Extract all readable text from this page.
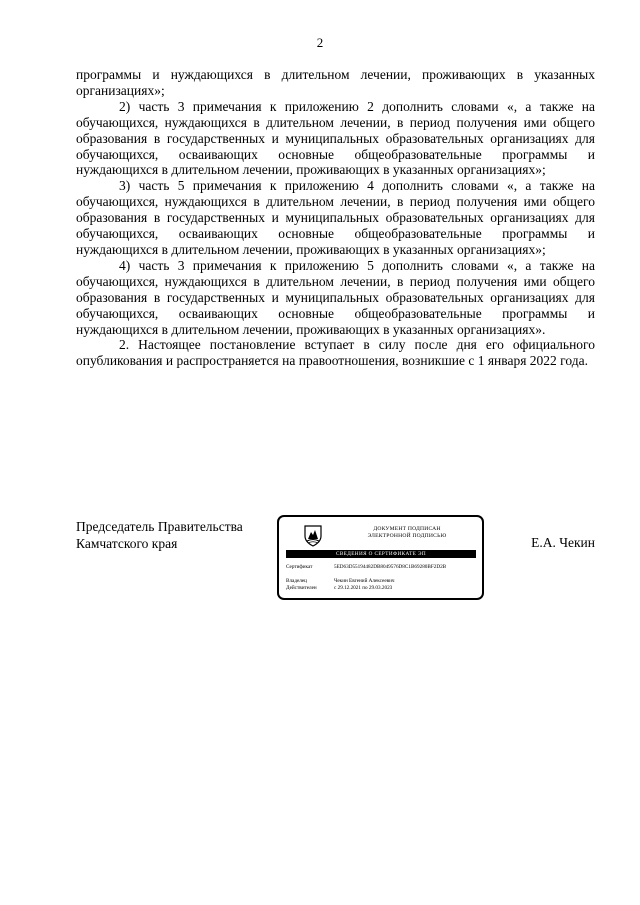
2

программы и нуждающихся в длительном лечении, проживающих в указанных организациях»;

2) часть 3 примечания к приложению 2 дополнить словами «, а также на обучающихся, нуждающихся в длительном лечении, в период получения ими общего образования в государственных и муниципальных образовательных организациях для обучающихся, осваивающих основные общеобразовательные программы и нуждающихся в длительном лечении, проживающих в указанных организациях»;

3) часть 5 примечания к приложению 4 дополнить словами «, а также на обучающихся, нуждающихся в длительном лечении, в период получения ими общего образования в государственных и муниципальных образовательных организациях для обучающихся, осваивающих основные общеобразовательные программы и нуждающихся в длительном лечении, проживающих в указанных организациях»;

4) часть 3 примечания к приложению 5 дополнить словами «, а также на обучающихся, нуждающихся в длительном лечении, в период получения ими общего образования в государственных и муниципальных образовательных организациях для обучающихся, осваивающих основные общеобразовательные программы и нуждающихся в длительном лечении, проживающих в указанных организациях».

2. Настоящее постановление вступает в силу после дня его официального опубликования и распространяется на правоотношения, возникшие с 1 января 2022 года.

Председатель Правительства
Камчатского края
ДОКУМЕНТ ПОДПИСАН
ЭЛЕКТРОННОЙ ПОДПИСЬЮ
СВЕДЕНИЯ О СЕРТИФИКАТЕ ЭП
Сертификат	5ED63D55194482DB8049576D8C1B69280BF2D2B
Владелец	Чекин Евгений Алексеевич
Действителен	с 29.12.2021 по 29.03.2023
Е.А. Чекин
